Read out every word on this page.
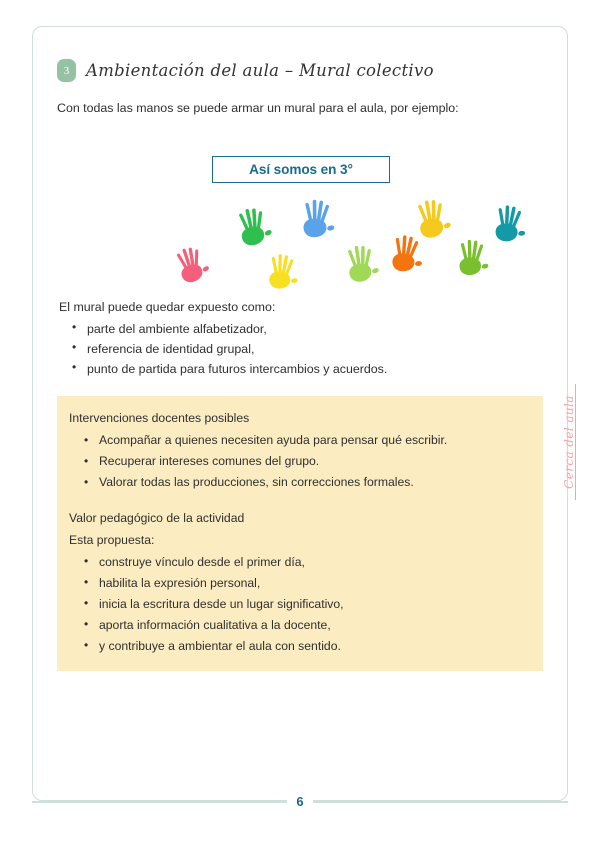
3	Ambientación del aula – Mural colectivo
Con todas las manos se puede armar un mural para el aula, por ejemplo:
Así somos en 3°
El mural puede quedar expuesto como:
• parte del ambiente alfabetizador,
• referencia de identidad grupal,
• punto de partida para futuros intercambios y acuerdos.
Intervenciones docentes posibles
• Acompañar a quienes necesiten ayuda para pensar qué escribir.
• Recuperar intereses comunes del grupo.
• Valorar todas las producciones, sin correcciones formales.
Valor pedagógico de la actividad
Esta propuesta:
• construye vínculo desde el primer día,
• habilita la expresión personal,
• inicia la escritura desde un lugar significativo,
• aporta información cualitativa a la docente,
• y contribuye a ambientar el aula con sentido.
Cerca del aula
6
